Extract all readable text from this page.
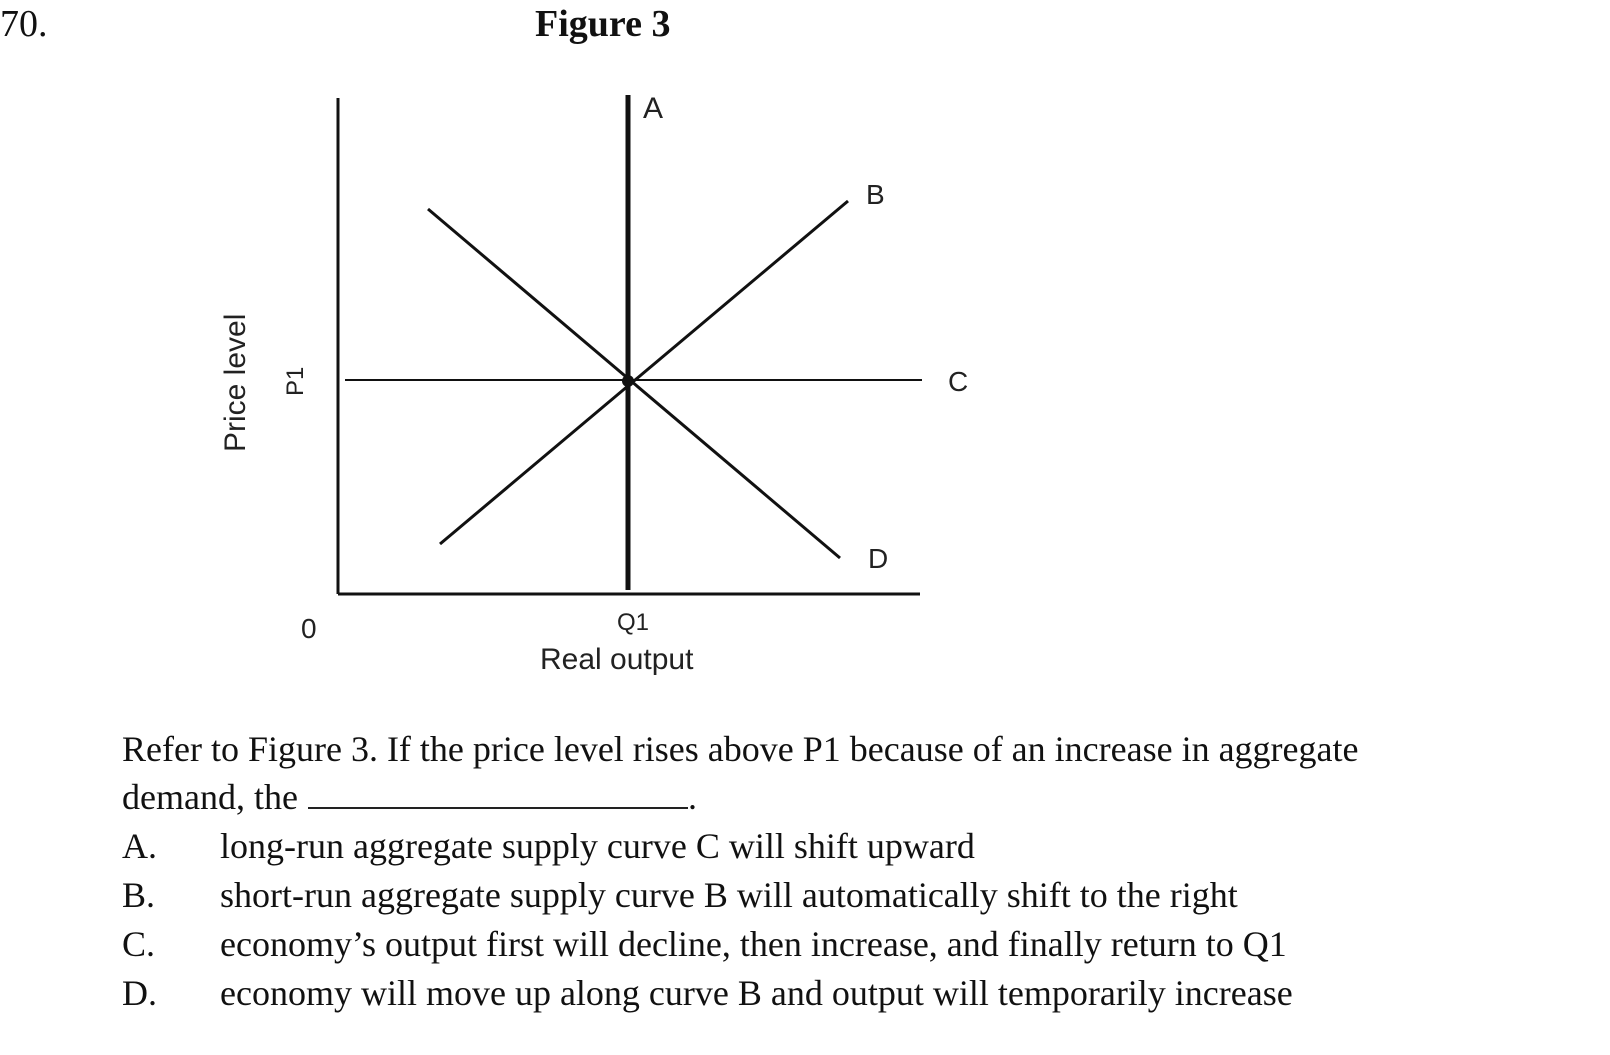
70.	Figure 3
A
B
C
D
0	Q1
P1
Real output
Price level
Refer to Figure 3. If the price level rises above P1 because of an increase in aggregate
demand, the	.
A.	long-run aggregate supply curve C will shift upward
B.	short-run aggregate supply curve B will automatically shift to the right
C.	economy’s output first will decline, then increase, and finally return to Q1
D.	economy will move up along curve B and output will temporarily increase
